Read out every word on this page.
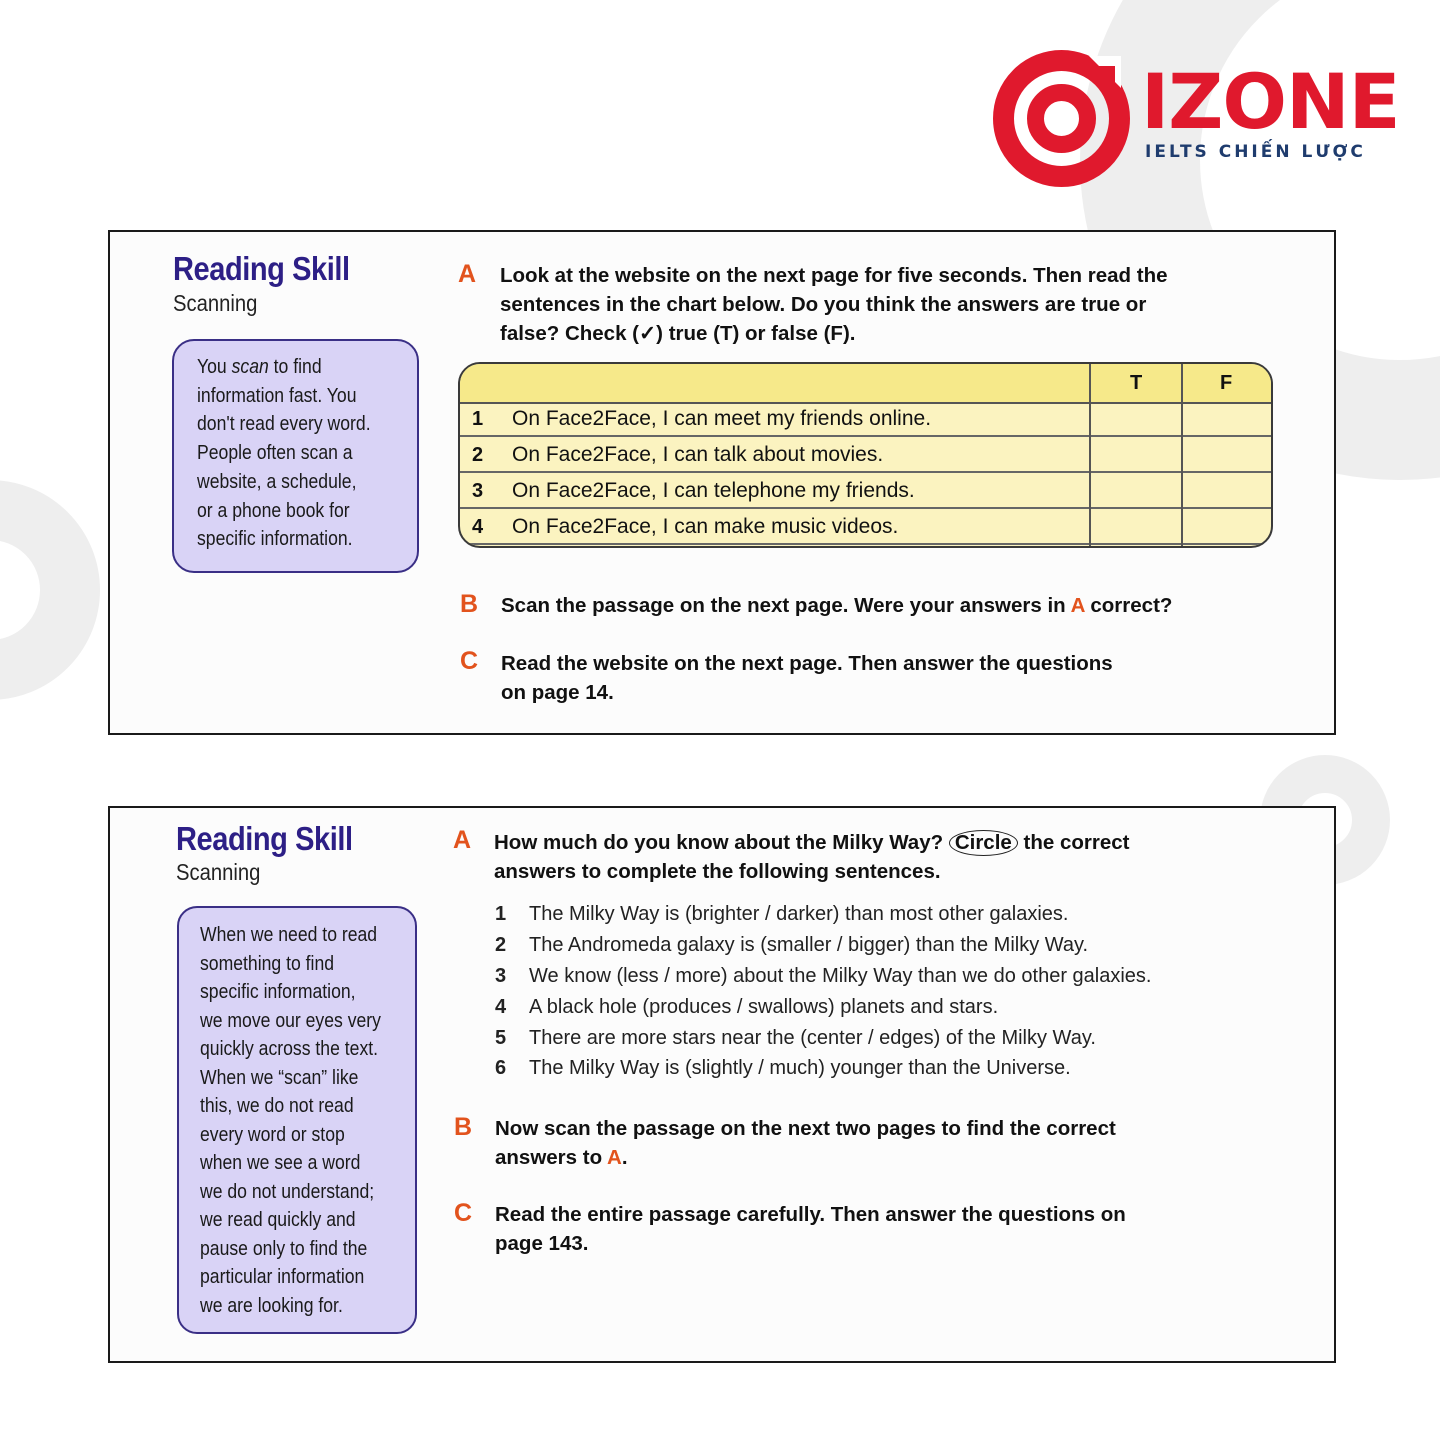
IZONE
IELTS CHIẾN LƯỢC
Reading Skill
Scanning
You scan to find
information fast. You
don't read every word.
People often scan a
website, a schedule,
or a phone book for
specific information.
A Look at the website on the next page for five seconds. Then read the
sentences in the chart below. Do you think the answers are true or
false? Check (✓) true (T) or false (F).
T	F
1 On Face2Face, I can meet my friends online.
2 On Face2Face, I can talk about movies.
3 On Face2Face, I can telephone my friends.
4 On Face2Face, I can make music videos.
B Scan the passage on the next page. Were your answers in A correct?
C Read the website on the next page. Then answer the questions
on page 14.
Reading Skill
Scanning
When we need to read
something to find
specific information,
we move our eyes very
quickly across the text.
When we “scan” like
this, we do not read
every word or stop
when we see a word
we do not understand;
we read quickly and
pause only to find the
particular information
we are looking for.
A How much do you know about the Milky Way? Circle the correct
answers to complete the following sentences.
1 The Milky Way is (brighter / darker) than most other galaxies.
2 The Andromeda galaxy is (smaller / bigger) than the Milky Way.
3 We know (less / more) about the Milky Way than we do other galaxies.
4 A black hole (produces / swallows) planets and stars.
5 There are more stars near the (center / edges) of the Milky Way.
6 The Milky Way is (slightly / much) younger than the Universe.
B Now scan the passage on the next two pages to find the correct
answers to A.
C Read the entire passage carefully. Then answer the questions on
page 143.
